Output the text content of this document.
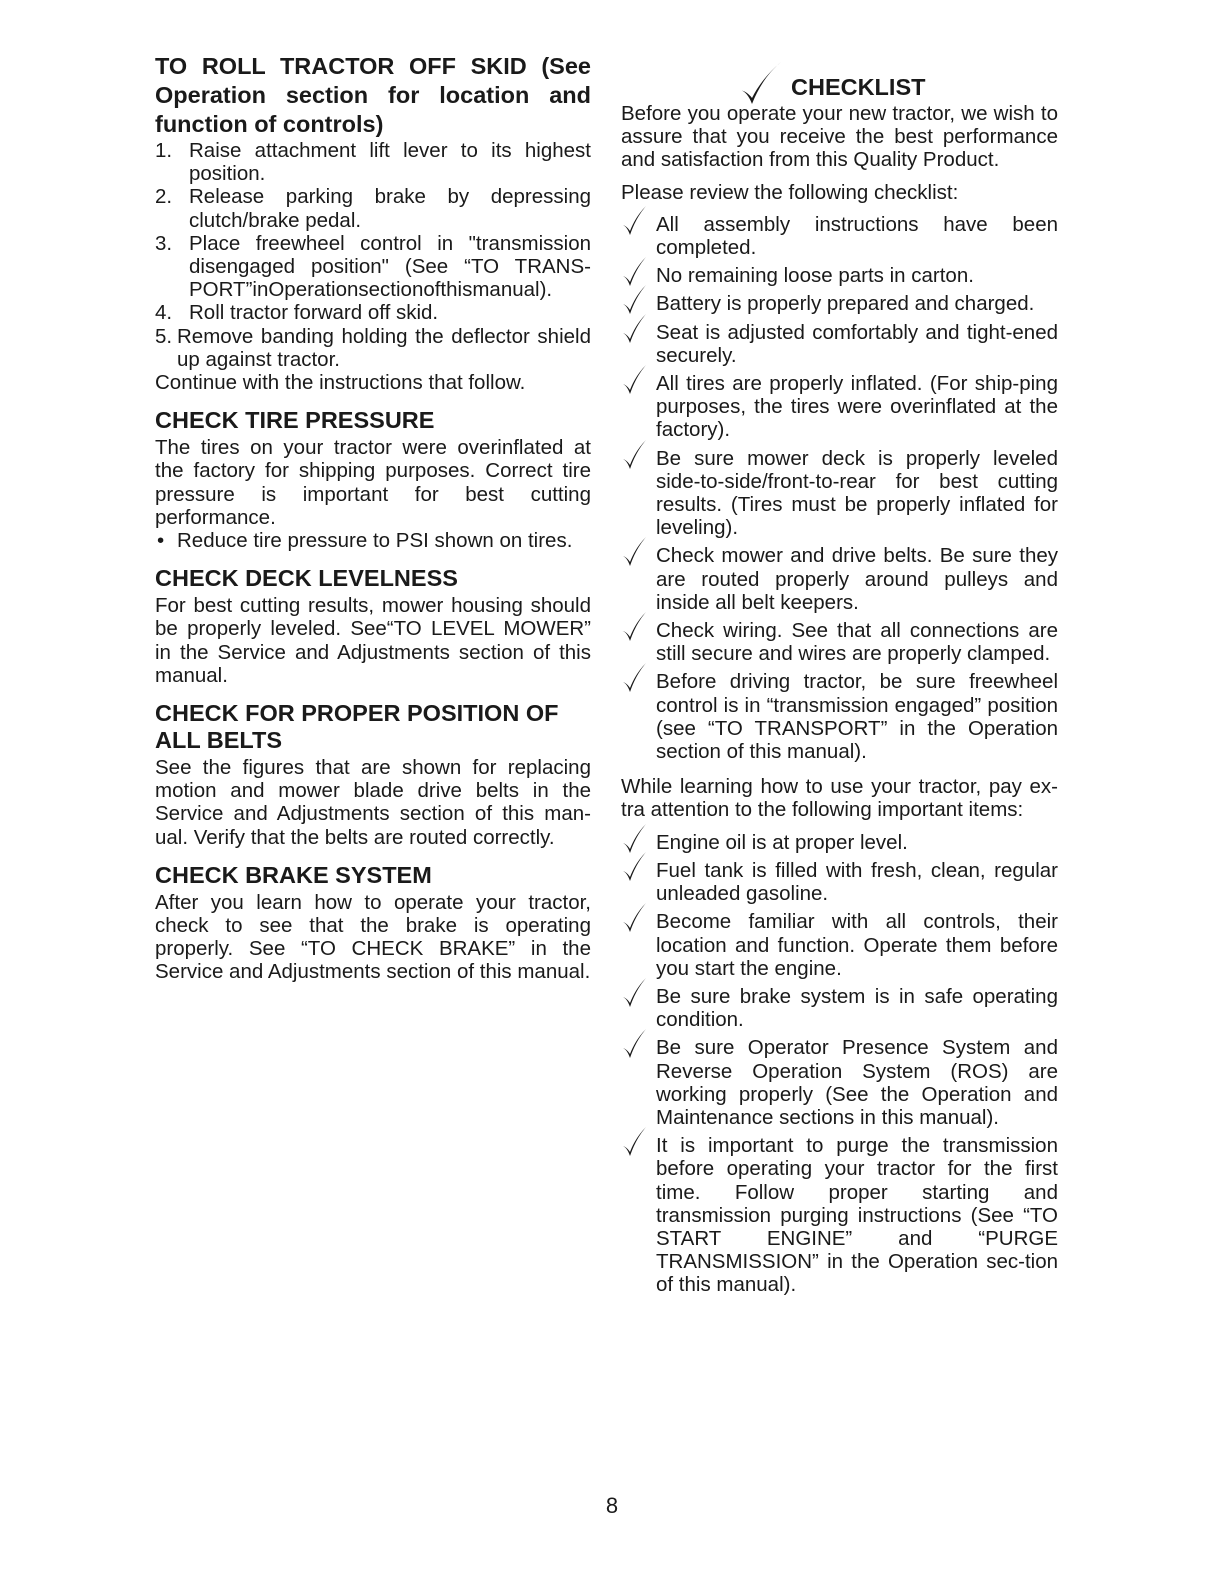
TO ROLL TRACTOR OFF SKID (See Operation section for location and function of controls)
1. Raise attachment lift lever to its highest position.
2. Release parking brake by depressing clutch/brake pedal.
3. Place freewheel control in "transmission disengaged position" (See “TO TRANS-PORT”inOperationsectionofthismanual).
4. Roll tractor forward off skid.
5. Remove banding holding the deflector shield up against tractor.

Continue with the instructions that follow.

CHECK TIRE PRESSURE

The tires on your tractor were overinflated at the factory for shipping purposes. Correct tire pressure is important for best cutting performance.

• Reduce tire pressure to PSI shown on tires.
CHECK DECK LEVELNESS

For best cutting results, mower housing should be properly leveled. See“TO LEVEL MOWER” in the Service and Adjustments section of this manual.

CHECK FOR PROPER POSITION OF ALL BELTS

See the figures that are shown for replacing motion and mower blade drive belts in the Service and Adjustments section of this man-ual. Verify that the belts are routed correctly.

CHECK BRAKE SYSTEM

After you learn how to operate your tractor, check to see that the brake is operating properly. See “TO CHECK BRAKE” in the Service and Adjustments section of this manual.

CHECKLIST

Before you operate your new tractor, we wish to assure that you receive the best performance and satisfaction from this Quality Product.

Please review the following checklist:

All assembly instructions have been completed.
No remaining loose parts in carton.
Battery is properly prepared and charged.
Seat is adjusted comfortably and tight-ened securely.
All tires are properly inflated. (For ship-ping purposes, the tires were overinflated at the factory).
Be sure mower deck is properly leveled side-to-side/front-to-rear for best cutting results. (Tires must be properly inflated for leveling).
Check mower and drive belts. Be sure they are routed properly around pulleys and inside all belt keepers.
Check wiring. See that all connections are still secure and wires are properly clamped.
Before driving tractor, be sure freewheel control is in “transmission engaged” position (see “TO TRANSPORT” in the Operation section of this manual).

While learning how to use your tractor, pay ex-tra attention to the following important items:

Engine oil is at proper level.
Fuel tank is filled with fresh, clean, regular unleaded gasoline.
Become familiar with all controls, their location and function. Operate them before you start the engine.
Be sure brake system is in safe operating condition.
Be sure Operator Presence System and Reverse Operation System (ROS) are working properly (See the Operation and Maintenance sections in this manual).
It is important to purge the transmission before operating your tractor for the first time. Follow proper starting and transmission purging instructions (See “TO START ENGINE” and “PURGE TRANSMISSION” in the Operation sec-tion of this manual).
8
